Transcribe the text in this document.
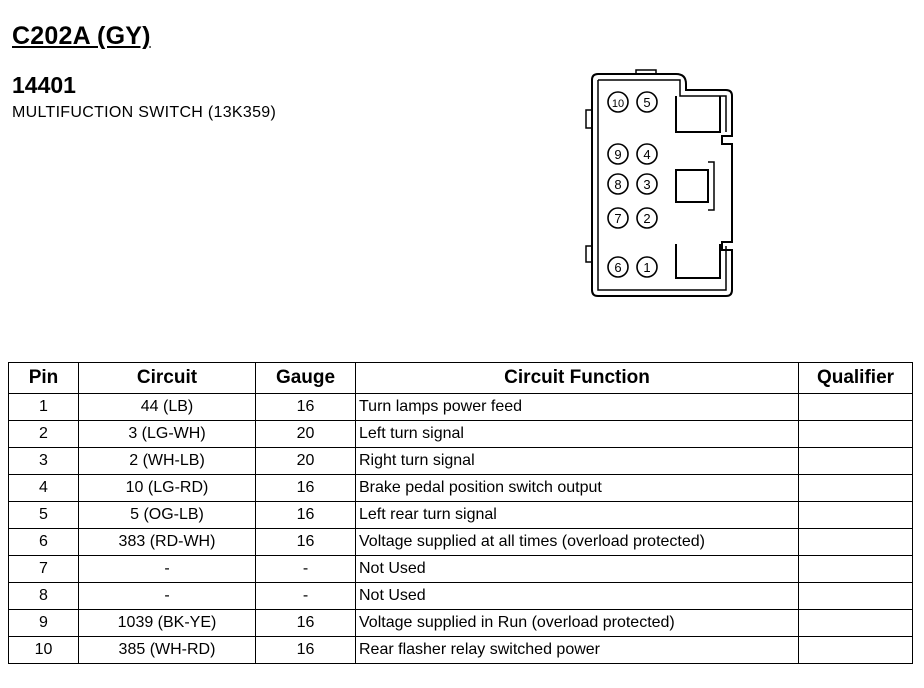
C202A (GY)
14401
MULTIFUCTION SWITCH (13K359)	10 5
9 4
8 3
7 2
6 1
Pin	Circuit	Gauge	Circuit Function	Qualifier
1	44 (LB)	16	Turn lamps power feed	
2	3 (LG-WH)	20	Left turn signal	
3	2 (WH-LB)	20	Right turn signal	
4	10 (LG-RD)	16	Brake pedal position switch output	
5	5 (OG-LB)	16	Left rear turn signal	
6	383 (RD-WH)	16	Voltage supplied at all times (overload protected)	
7	-	-	Not Used	
8	-	-	Not Used	
9	1039 (BK-YE)	16	Voltage supplied in Run (overload protected)	
10	385 (WH-RD)	16	Rear flasher relay switched power	
